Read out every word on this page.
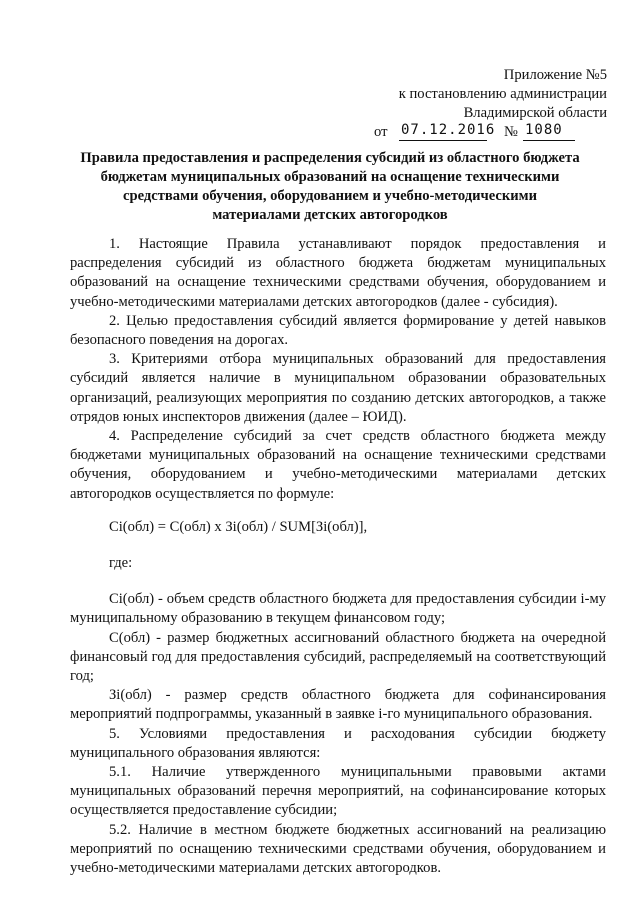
Приложение №5
к постановлению администрации
Владимирской области
от 07.12.2016 № 1080
Правила предоставления и распределения субсидий из областного бюджета бюджетам муниципальных образований на оснащение техническими средствами обучения, оборудованием и учебно-методическими материалами детских автогородков

1. Настоящие Правила устанавливают порядок предоставления и распределения субсидий из областного бюджета бюджетам муниципальных образований на оснащение техническими средствами обучения, оборудованием и учебно-методическими материалами детских автогородков (далее - субсидия).

2. Целью предоставления субсидий является формирование у детей навыков безопасного поведения на дорогах.

3. Критериями отбора муниципальных образований для предоставления субсидий является наличие в муниципальном образовании образовательных организаций, реализующих мероприятия по созданию детских автогородков, а также отрядов юных инспекторов движения (далее – ЮИД).

4. Распределение субсидий за счет средств областного бюджета между бюджетами муниципальных образований на оснащение техническими средствами обучения, оборудованием и учебно-методическими материалами детских автогородков осуществляется по формуле:

Ci(обл) = С(обл) x Зi(обл) / SUM[Зi(обл)],

где:

Ci(обл) - объем средств областного бюджета для предоставления субсидии i-му муниципальному образованию в текущем финансовом году;

С(обл) - размер бюджетных ассигнований областного бюджета на очередной финансовый год для предоставления субсидий, распределяемый на соответствующий год;

Зi(обл) - размер средств областного бюджета для софинансирования мероприятий подпрограммы, указанный в заявке i-го муниципального образования.

5. Условиями предоставления и расходования субсидии бюджету муниципального образования являются:

5.1. Наличие утвержденного муниципальными правовыми актами муниципальных образований перечня мероприятий, на софинансирование которых осуществляется предоставление субсидии;

5.2. Наличие в местном бюджете бюджетных ассигнований на реализацию мероприятий по оснащению техническими средствами обучения, оборудованием и учебно-методическими материалами детских автогородков.
